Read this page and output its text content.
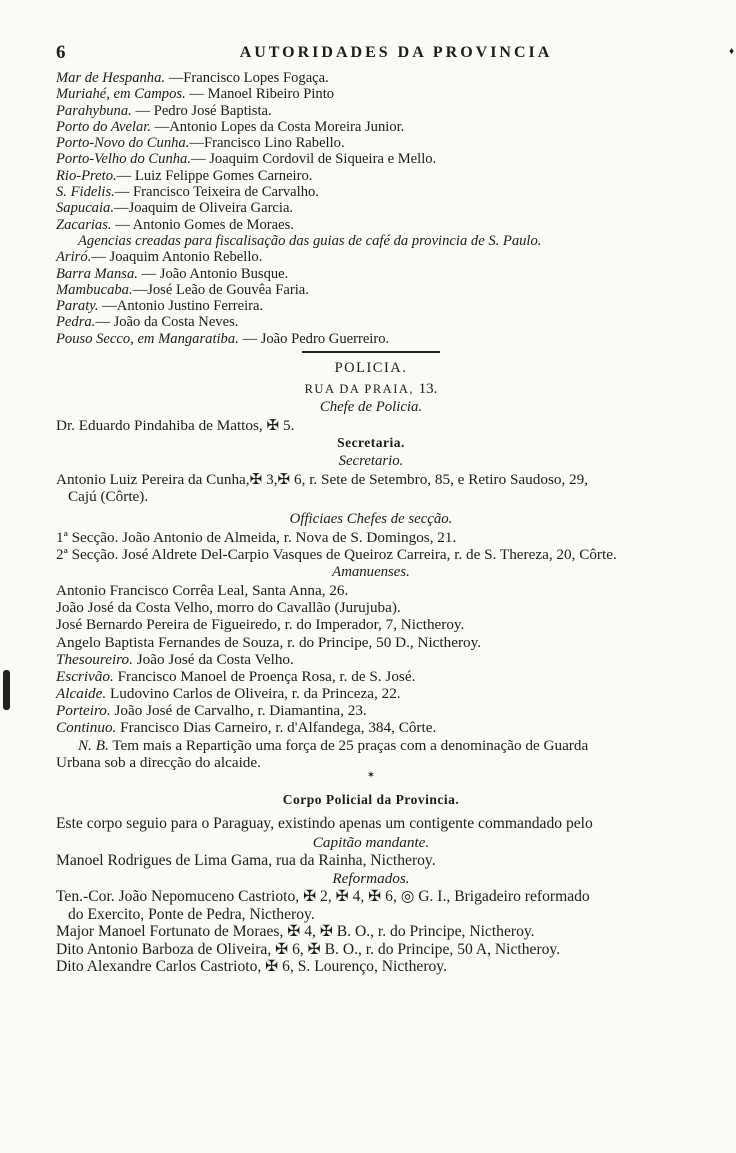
6	AUTORIDADES DA PROVINCIA	♦
Mar de Hespanha. —Francisco Lopes Fogaça.
Muriahé, em Campos. — Manoel Ribeiro Pinto
Parahybuna. — Pedro José Baptista.
Porto do Avelar. —Antonio Lopes da Costa Moreira Junior.
Porto-Novo do Cunha.—Francisco Lino Rabello.
Porto-Velho do Cunha.— Joaquim Cordovil de Siqueira e Mello.
Rio-Preto.— Luiz Felippe Gomes Carneiro.
S. Fidelis.— Francisco Teixeira de Carvalho.
Sapucaia.—Joaquim de Oliveira Garcia.
Zacarias. — Antonio Gomes de Moraes.
Agencias creadas para fiscalisação das guias de café da provincia de S. Paulo.
Ariró.— Joaquim Antonio Rebello.
Barra Mansa. — João Antonio Busque.
Mambucaba.—José Leão de Gouvêa Faria.
Paraty. —Antonio Justino Ferreira.
Pedra.— João da Costa Neves.
Pouso Secco, em Mangaratiba. — João Pedro Guerreiro.
POLICIA.
RUA DA PRAIA, 13.
Chefe de Policia.
Dr. Eduardo Pindahiba de Mattos, ✠ 5.
Secretaria.
Secretario.
Antonio Luiz Pereira da Cunha,✠ 3,✠ 6, r. Sete de Setembro, 85, e Retiro Saudoso, 29,
Cajú (Côrte).
Officiaes Chefes de secção.
1ª Secção. João Antonio de Almeida, r. Nova de S. Domingos, 21.
2ª Secção. José Aldrete Del-Carpio Vasques de Queiroz Carreira, r. de S. Thereza, 20, Côrte.
Amanuenses.
Antonio Francisco Corrêa Leal, Santa Anna, 26.
João José da Costa Velho, morro do Cavallão (Jurujuba).
José Bernardo Pereira de Figueiredo, r. do Imperador, 7, Nictheroy.
Angelo Baptista Fernandes de Souza, r. do Principe, 50 D., Nictheroy.
Thesoureiro. João José da Costa Velho.
Escrivão. Francisco Manoel de Proença Rosa, r. de S. José.
Alcaide. Ludovino Carlos de Oliveira, r. da Princeza, 22.
Porteiro. João José de Carvalho, r. Diamantina, 23.
Continuo. Francisco Dias Carneiro, r. d'Alfandega, 384, Côrte.
N. B. Tem mais a Repartição uma força de 25 praças com a denominação de Guarda
Urbana sob a direcção do alcaide.
✶
Corpo Policial da Provincia.
Este corpo seguio para o Paraguay, existindo apenas um contigente commandado pelo
Capitão mandante.
Manoel Rodrigues de Lima Gama, rua da Rainha, Nictheroy.
Reformados.
Ten.-Cor. João Nepomuceno Castrioto, ✠ 2, ✠ 4, ✠ 6, ◎ G. I., Brigadeiro reformado
do Exercito, Ponte de Pedra, Nictheroy.
Major Manoel Fortunato de Moraes, ✠ 4, ✠ B. O., r. do Principe, Nictheroy.
Dito Antonio Barboza de Oliveira, ✠ 6, ✠ B. O., r. do Principe, 50 A, Nictheroy.
Dito Alexandre Carlos Castrioto, ✠ 6, S. Lourenço, Nictheroy.
